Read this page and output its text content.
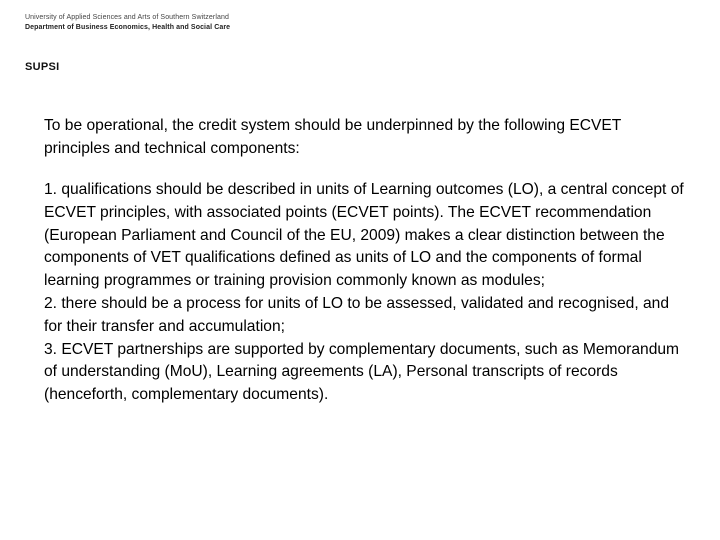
University of Applied Sciences and Arts of Southern Switzerland
Department of Business Economics, Health and Social Care
SUPSI

To be operational, the credit system should be underpinned by the following ECVET principles and technical components:

1. qualifications should be described in units of Learning outcomes (LO), a central concept of ECVET principles, with associated points (ECVET points). The ECVET recommendation (European Parliament and Council of the EU, 2009) makes a clear distinction between the components of VET qualifications defined as units of LO and the components of formal learning programmes or training provision commonly known as modules;

2. there should be a process for units of LO to be assessed, validated and recognised, and for their transfer and accumulation;

3. ECVET partnerships are supported by complementary documents, such as Memorandum of understanding (MoU), Learning agreements (LA), Personal transcripts of records (henceforth, complementary documents).
